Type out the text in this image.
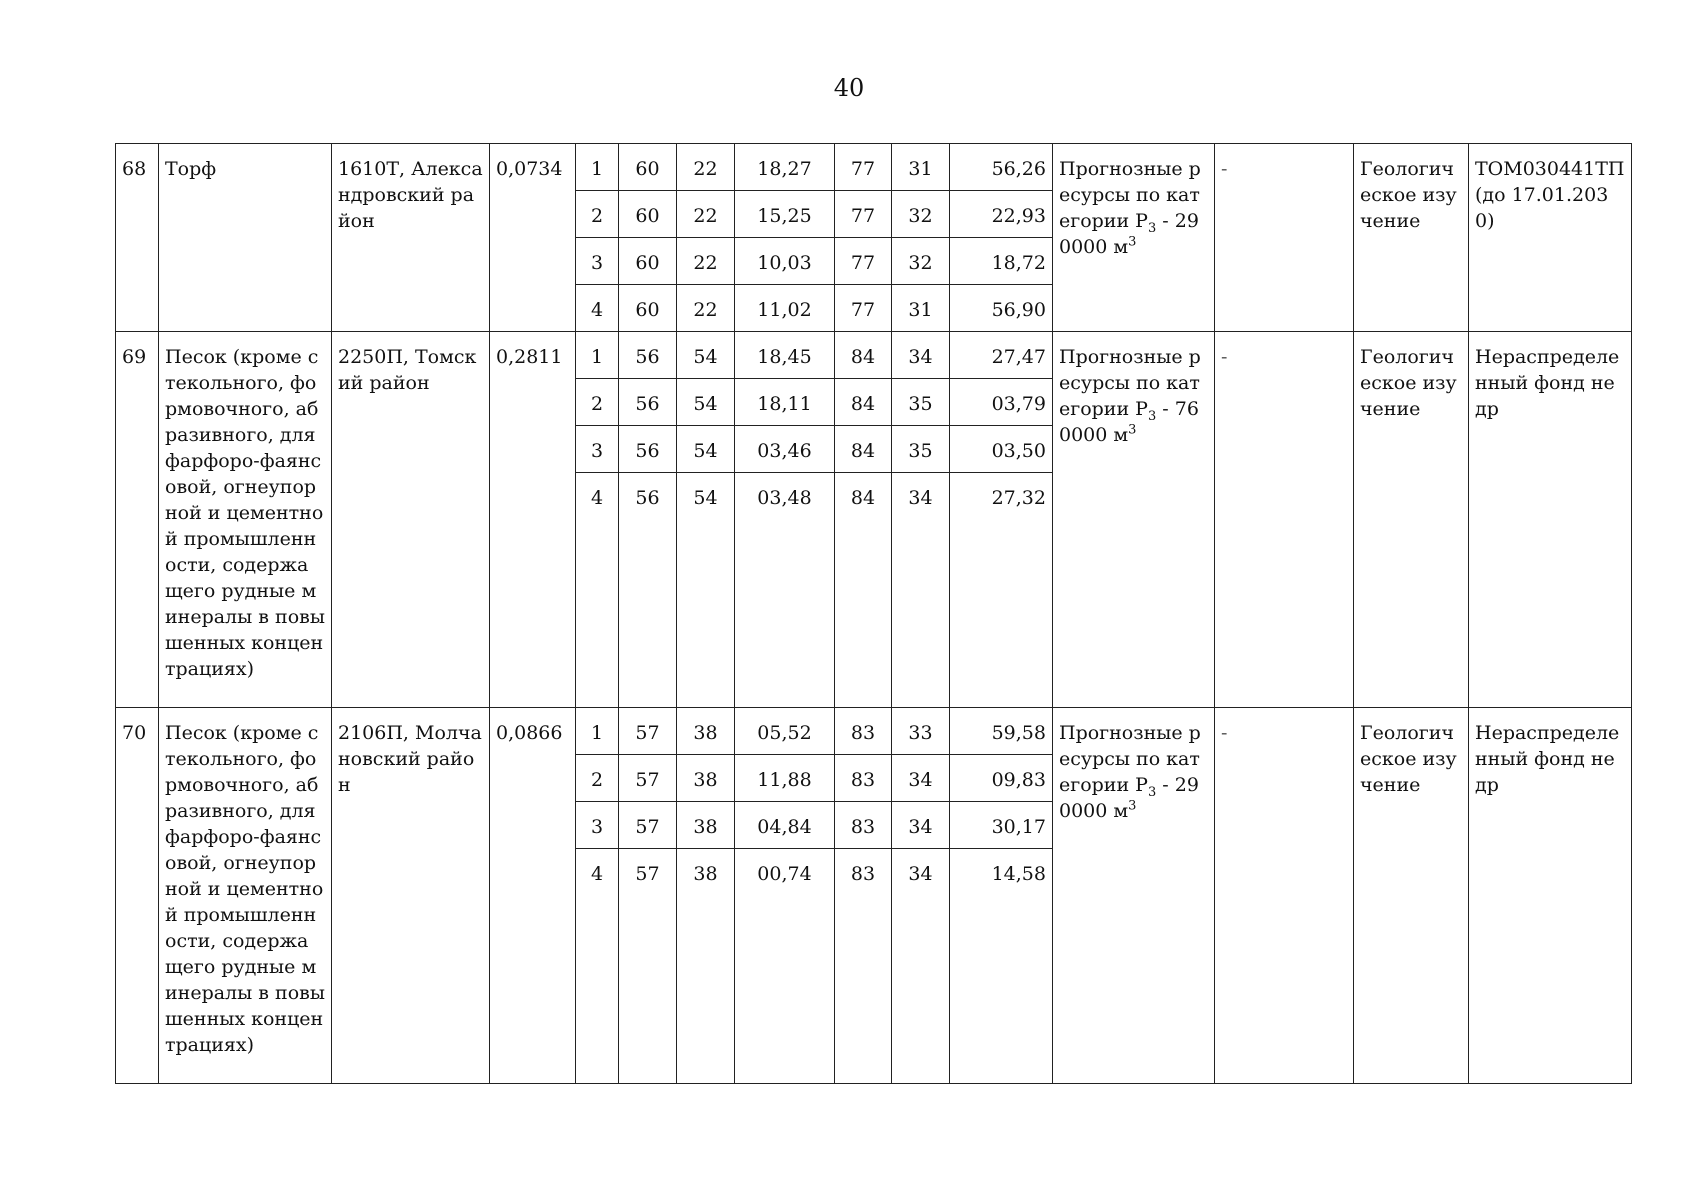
40
68	Торф	1610Т, Александровский район	0,0734	1	60	22	18,27	77	31	56,26	Прогнозные ресурсы по категории $P_3 - 290000$ $м^3$	-	Геологическое изучение	ТОМ030441ТП (до 17.01.2030)
				2	60	22	15,25	77	32	22,93				
				3	60	22	10,03	77	32	18,72				
				4	60	22	11,02	77	31	56,90				
69	Песок (кроме стекольного, формовочного, абразивного, для фарфоро-фаянсовой, огнеупорной и цементной промышленности, содержащего рудные минералы в повышенных концентрациях)	2250П, Томский район	0,2811	1	56	54	18,45	84	34	27,47	Прогнозные ресурсы по категории $P_3 - 760000$ $м^3$	-	Геологическое изучение	Нераспределенный фонд недр
				2	56	54	18,11	84	35	03,79				
				3	56	54	03,46	84	35	03,50				
				4	56	54	03,48	84	34	27,32				
70	Песок (кроме стекольного, формовочного, абразивного, для фарфоро-фаянсовой, огнеупорной и цементной промышленности, содержащего рудные минералы в повышенных концентрациях)	2106П, Молчановский район	0,0866	1	57	38	05,52	83	33	59,58	Прогнозные ресурсы по категории $P_3 - 290000$ $м^3$	-	Геологическое изучение	Нераспределенный фонд недр
				2	57	38	11,88	83	34	09,83				
				3	57	38	04,84	83	34	30,17				
				4	57	38	00,74	83	34	14,58				
